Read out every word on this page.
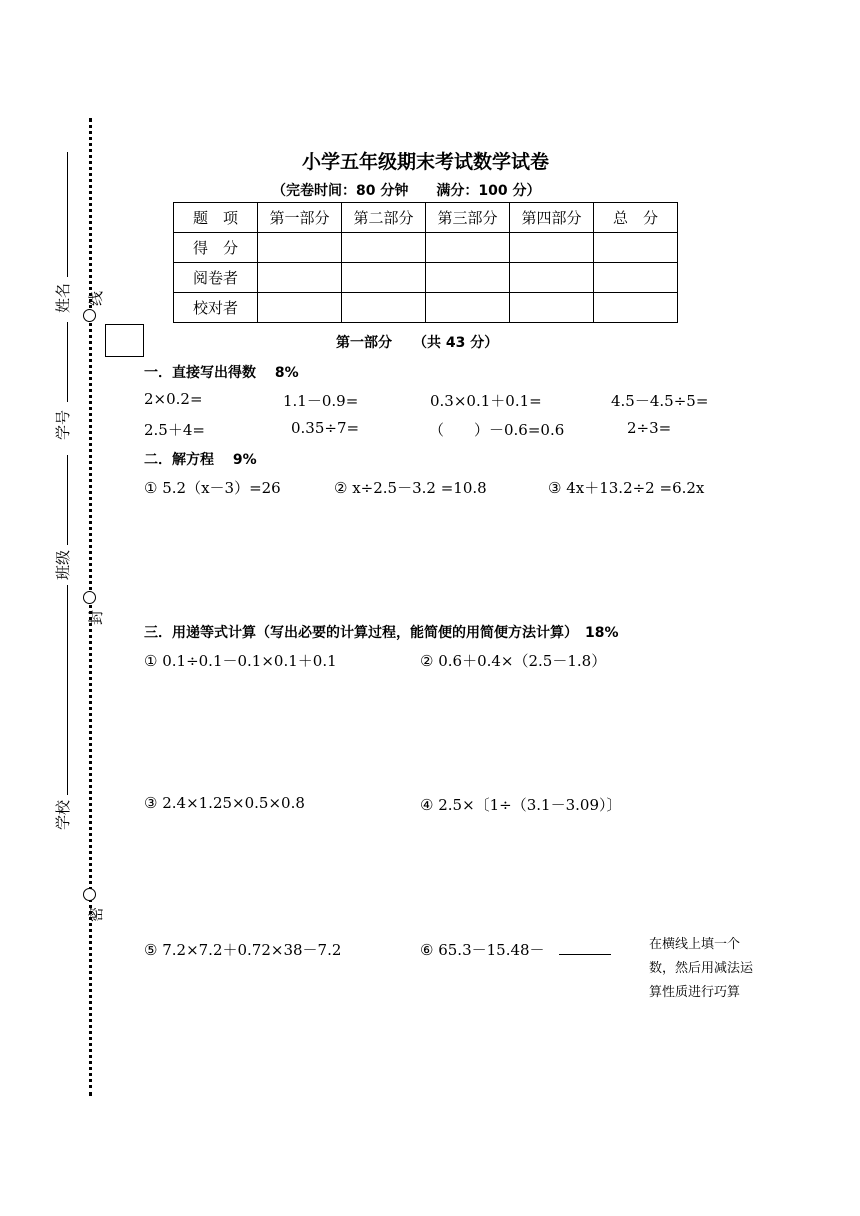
线
封
密
姓名
学号
班级
学校
小学五年级期末考试数学试卷
（完卷时间：80 分钟　　满分：100 分）
题　项	第一部分	第二部分	第三部分	第四部分	总　分
得　分					
阅卷者					
校对者					
第一部分　　（共 43 分）
一．直接写出得数　 8%
2×0.2=	1.1－0.9=	0.3×0.1＋0.1=	4.5－4.5÷5=
2.5＋4=	0.35÷7=	（　　）－0.6=0.6	2÷3=
二．解方程　 9%
① 5.2（x－3）=26	② x÷2.5－3.2 =10.8	③ 4x＋13.2÷2 =6.2x
三．用递等式计算（写出必要的计算过程，能简便的用简便方法计算）　18%
① 0.1÷0.1－0.1×0.1＋0.1	② 0.6＋0.4×（2.5－1.8）
③ 2.4×1.25×0.5×0.8	④ 2.5×〔1÷（3.1－3.09）〕
⑤ 7.2×7.2＋0.72×38－7.2	⑥ 65.3－15.48－	在横线上填一个
数，然后用减法运
算性质进行巧算
